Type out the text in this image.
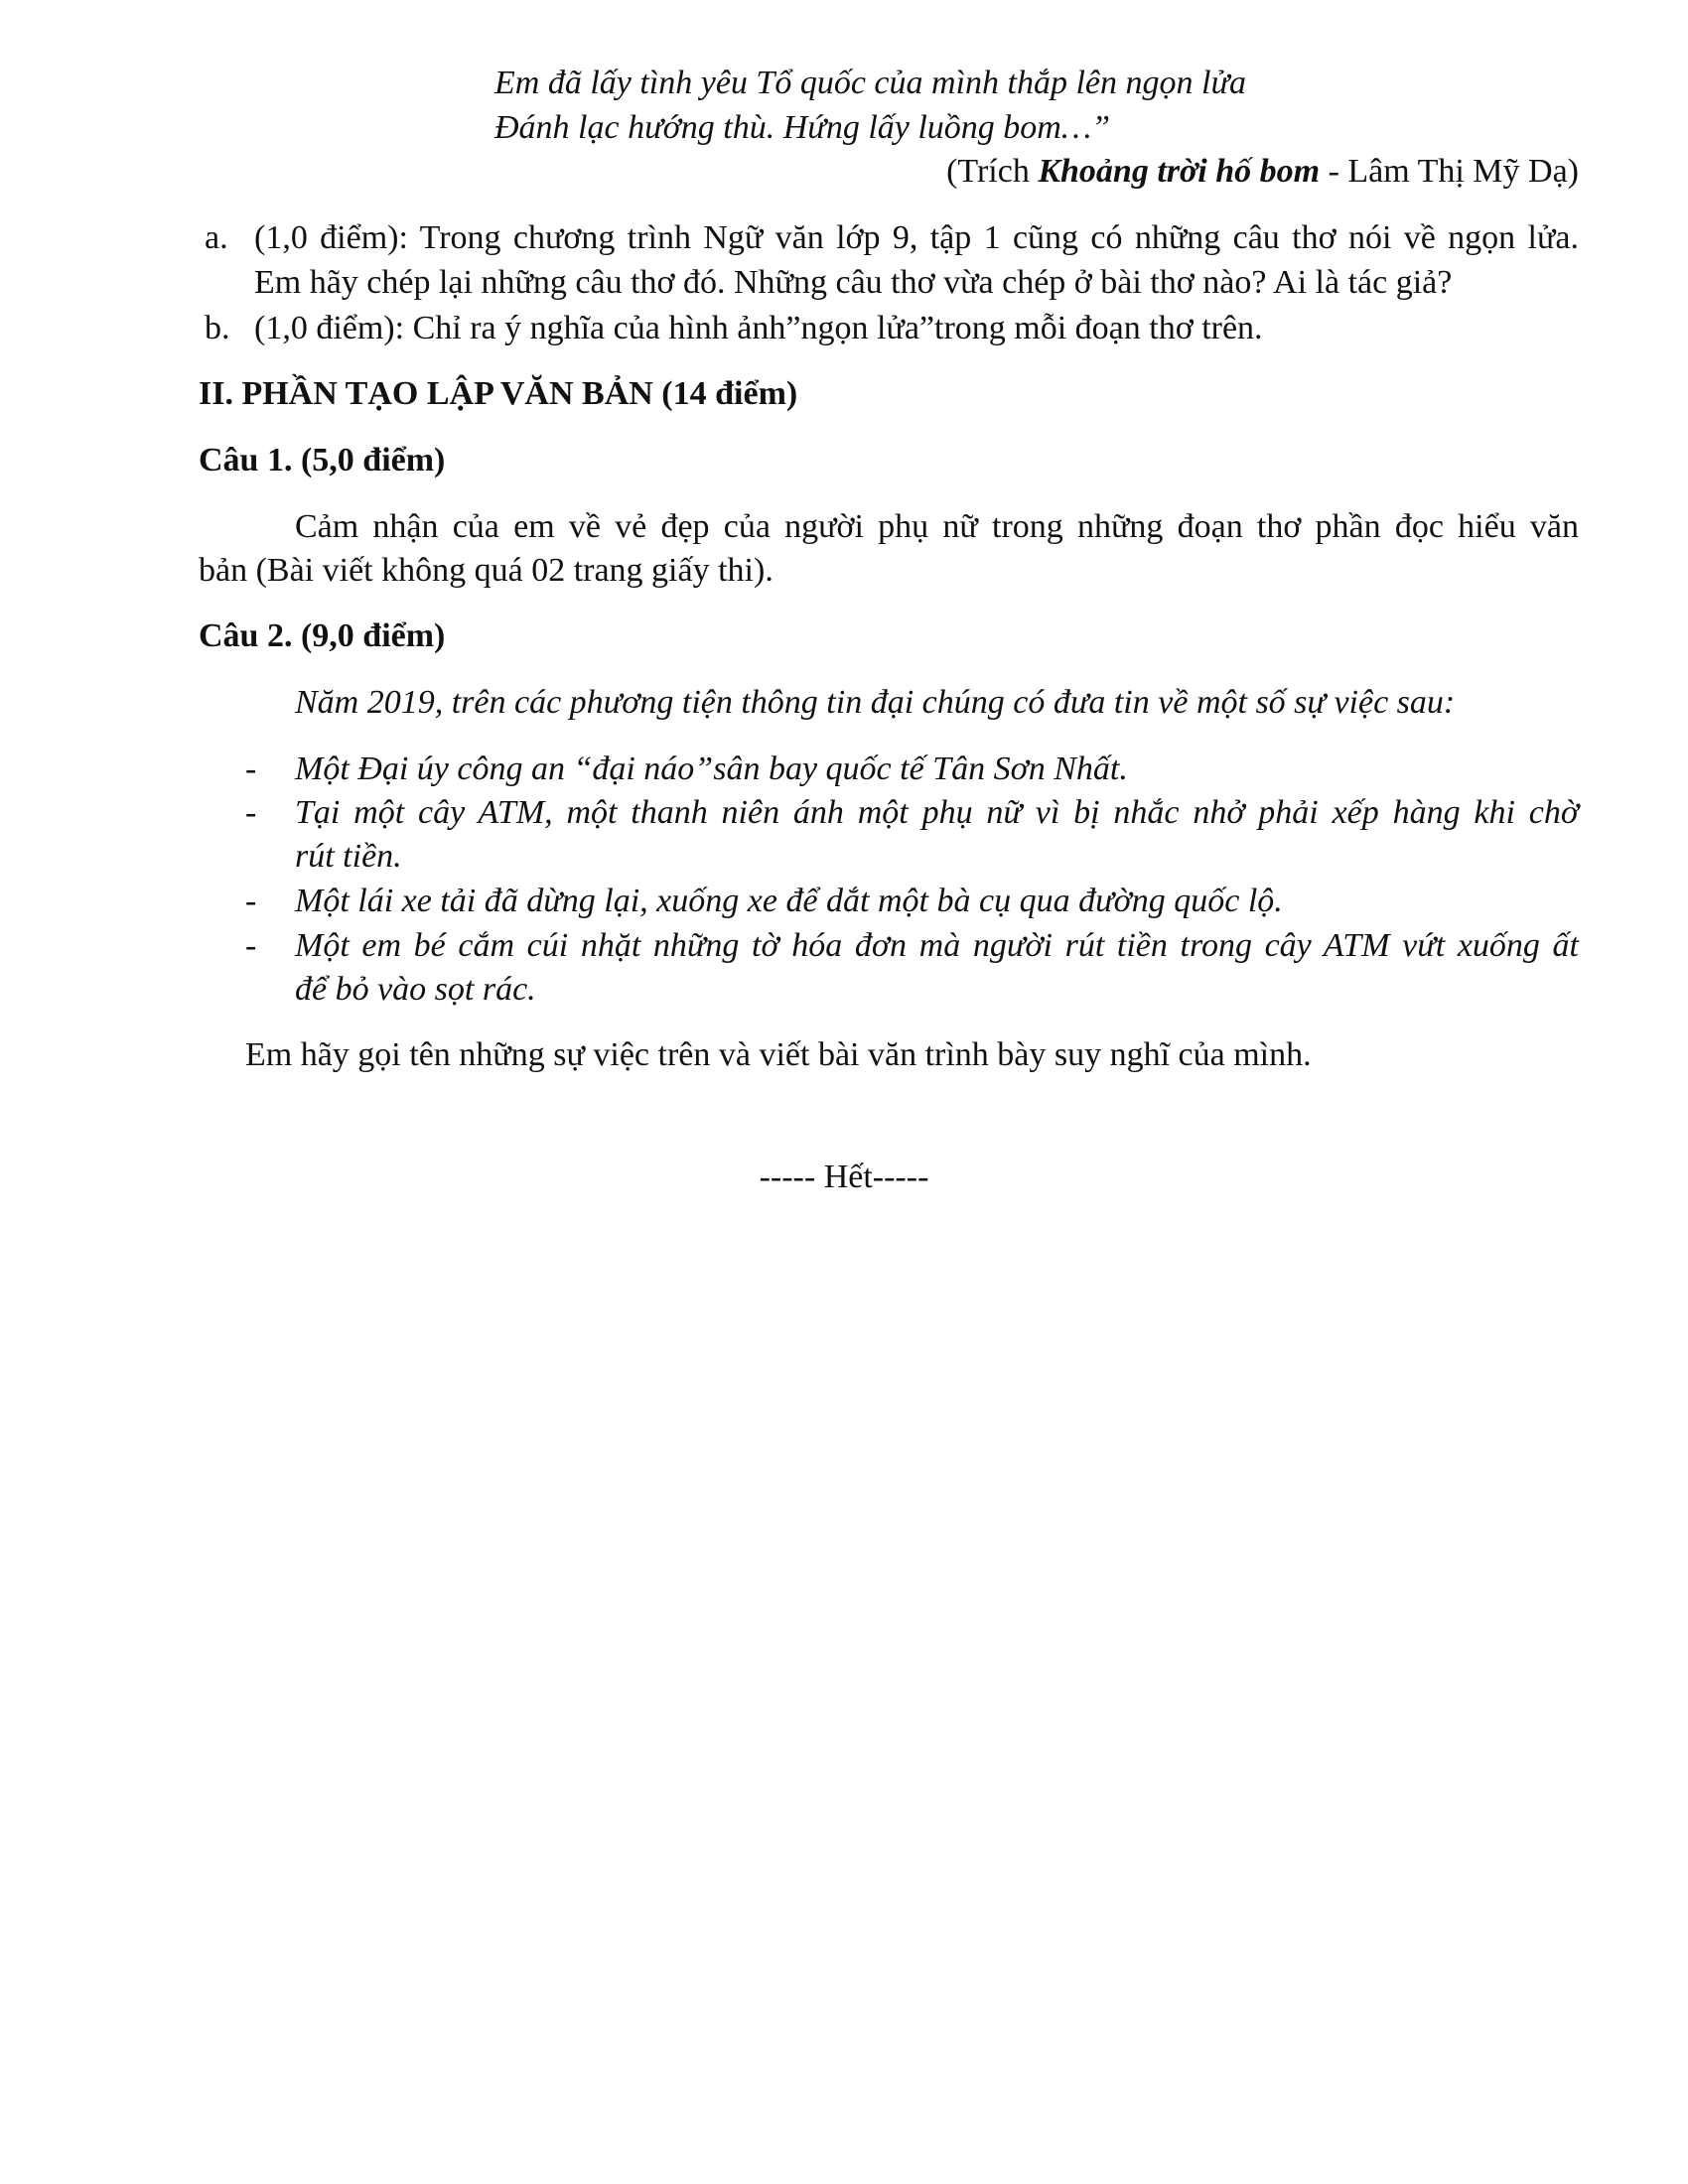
Em đã lấy tình yêu Tổ quốc của mình thắp lên ngọn lửa
Đánh lạc hướng thù. Hứng lấy luồng bom…”
(Trích Khoảng trời hố bom - Lâm Thị Mỹ Dạ)
a. (1,0 điểm): Trong chương trình Ngữ văn lớp 9, tập 1 cũng có những câu thơ nói về ngọn lửa.
Em hãy chép lại những câu thơ đó. Những câu thơ vừa chép ở bài thơ nào? Ai là tác giả?
b. (1,0 điểm): Chỉ ra ý nghĩa của hình ảnh”ngọn lửa”trong mỗi đoạn thơ trên.
II. PHẦN TẠO LẬP VĂN BẢN (14 điểm)
Câu 1. (5,0 điểm)
Cảm nhận của em về vẻ đẹp của người phụ nữ trong những đoạn thơ phần đọc hiểu văn
bản (Bài viết không quá 02 trang giấy thi).
Câu 2. (9,0 điểm)
Năm 2019, trên các phương tiện thông tin đại chúng có đưa tin về một số sự việc sau:
- Một Đại úy công an “đại náo”sân bay quốc tế Tân Sơn Nhất.
- Tại một cây ATM, một thanh niên ánh một phụ nữ vì bị nhắc nhở phải xếp hàng khi chờ
rút tiền.
- Một lái xe tải đã dừng lại, xuống xe để dắt một bà cụ qua đường quốc lộ.
- Một em bé cắm cúi nhặt những tờ hóa đơn mà người rút tiền trong cây ATM vứt xuống ất
để bỏ vào sọt rác.
Em hãy gọi tên những sự việc trên và viết bài văn trình bày suy nghĩ của mình.
----- Hết-----
